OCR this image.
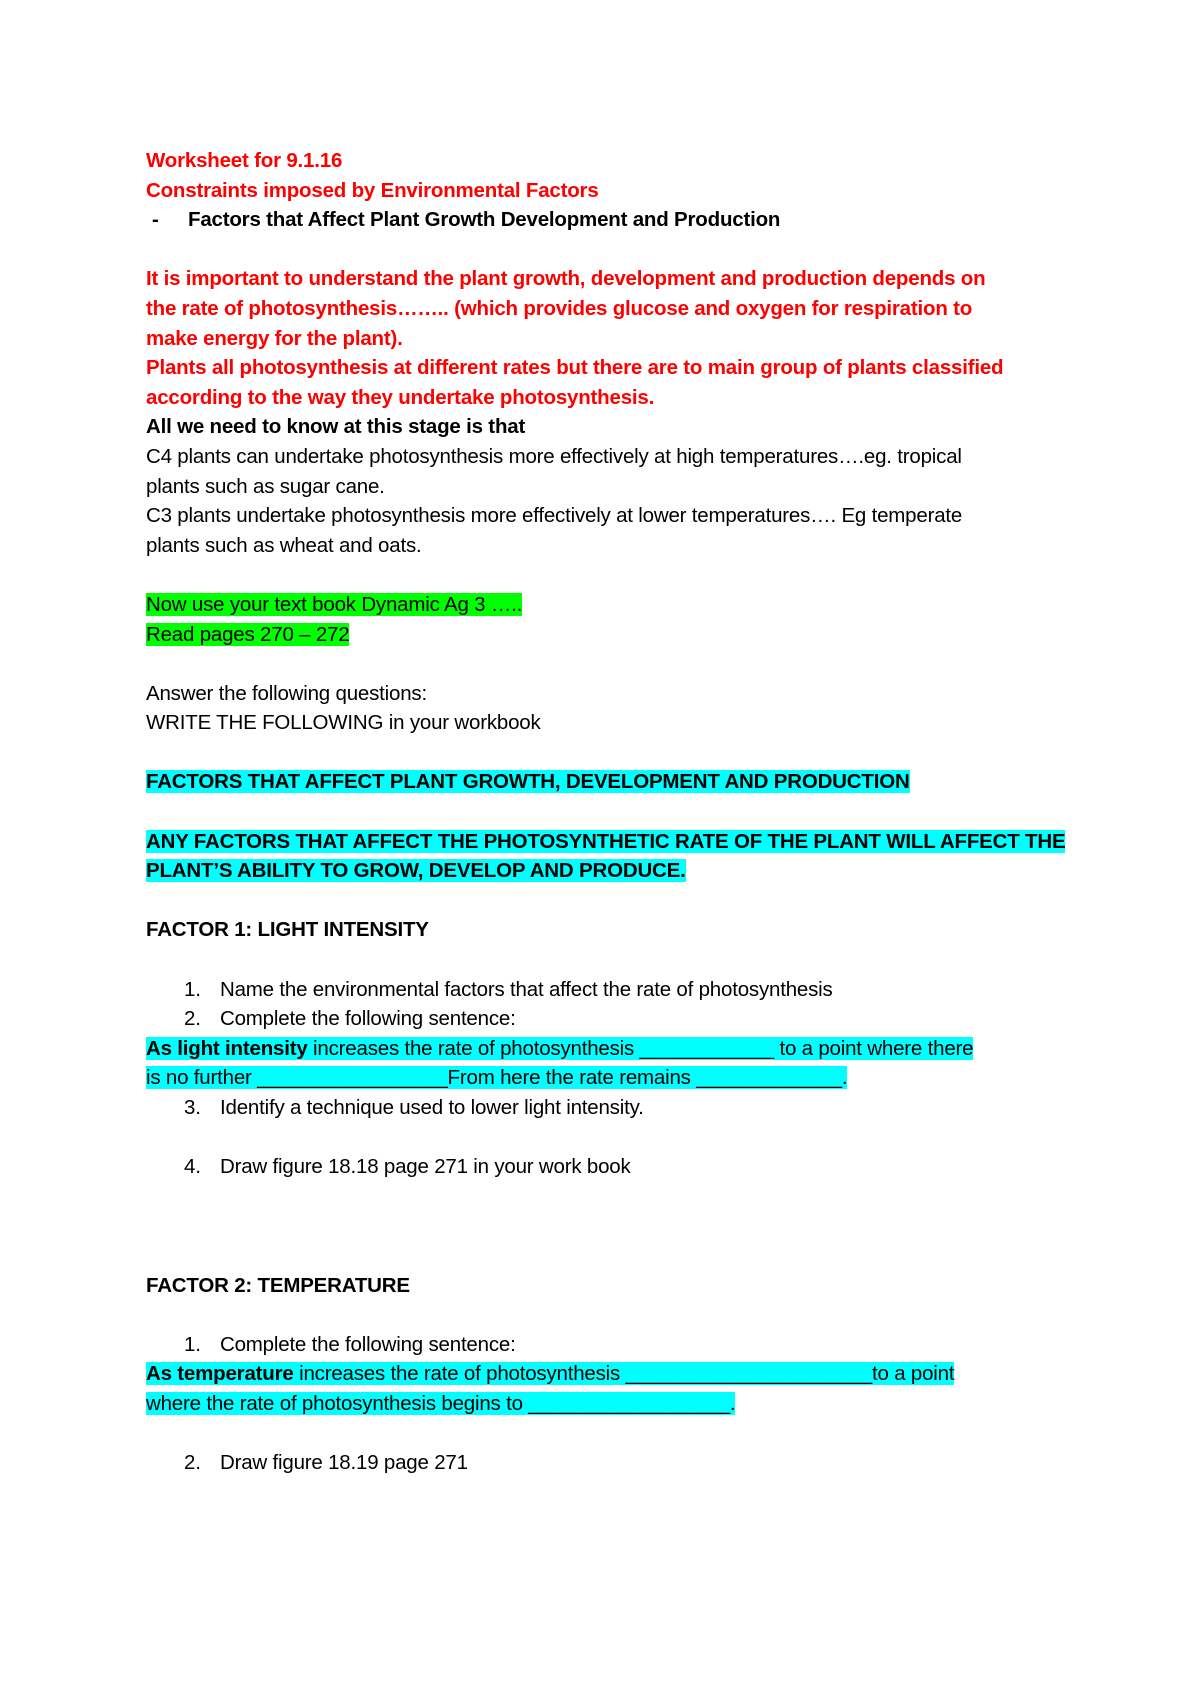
Worksheet for 9.1.16
Constraints imposed by Environmental Factors
- Factors that Affect Plant Growth Development and Production
It is important to understand the plant growth, development and production depends on
the rate of photosynthesis…….. (which provides glucose and oxygen for respiration to
make energy for the plant).
Plants all photosynthesis at different rates but there are to main group of plants classified
according to the way they undertake photosynthesis.
All we need to know at this stage is that
C4 plants can undertake photosynthesis more effectively at high temperatures….eg. tropical
plants such as sugar cane.
C3 plants undertake photosynthesis more effectively at lower temperatures…. Eg temperate
plants such as wheat and oats.
Now use your text book Dynamic Ag 3 …..
Read pages 270 – 272
Answer the following questions:
WRITE THE FOLLOWING in your workbook
FACTORS THAT AFFECT PLANT GROWTH, DEVELOPMENT AND PRODUCTION
ANY FACTORS THAT AFFECT THE PHOTOSYNTHETIC RATE OF THE PLANT WILL AFFECT THE
PLANT’S ABILITY TO GROW, DEVELOP AND PRODUCE.
FACTOR 1: LIGHT INTENSITY
1. Name the environmental factors that affect the rate of photosynthesis
2. Complete the following sentence:
As light intensity increases the rate of photosynthesis ____________ to a point where there
is no further _________________From here the rate remains _____________.
3. Identify a technique used to lower light intensity.
4. Draw figure 18.18 page 271 in your work book
FACTOR 2: TEMPERATURE
1. Complete the following sentence:
As temperature increases the rate of photosynthesis ______________________to a point
where the rate of photosynthesis begins to __________________.
2. Draw figure 18.19 page 271
